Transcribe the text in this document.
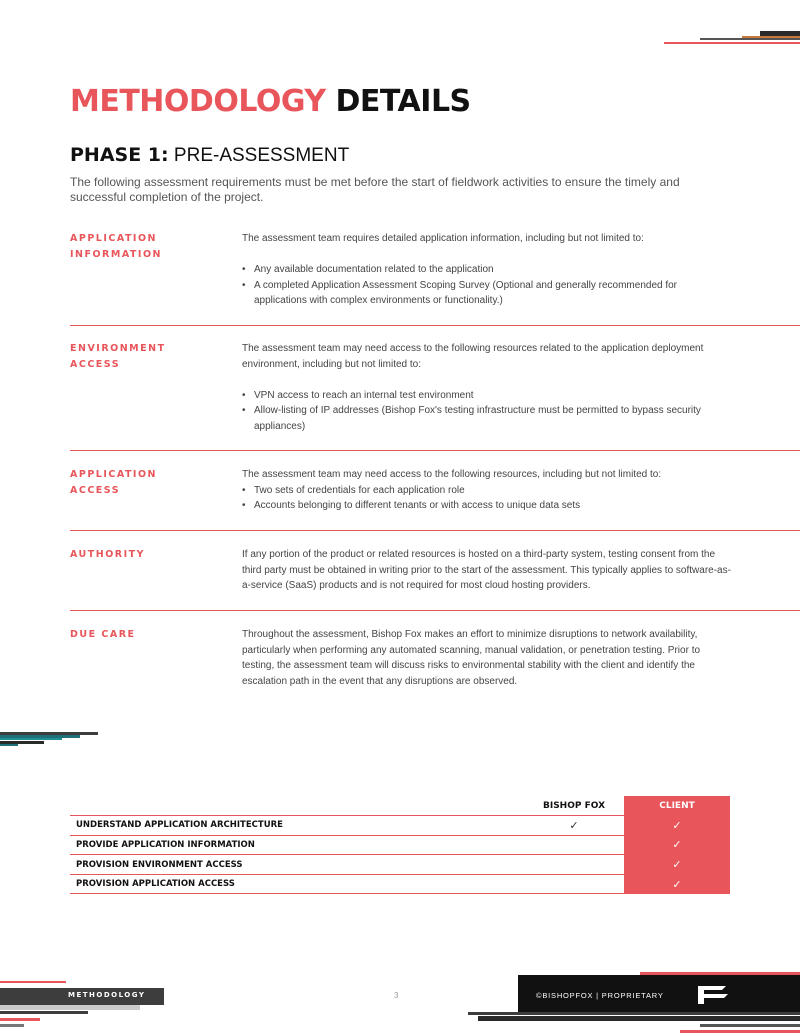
METHODOLOGY DETAILS
PHASE 1: PRE-ASSESSMENT

The following assessment requirements must be met before the start of fieldwork activities to ensure the timely and successful completion of the project.

APPLICATION
INFORMATION

The assessment team requires detailed application information, including but not limited to:

• Any available documentation related to the application
• A completed Application Assessment Scoping Survey (Optional and generally recommended for applications with complex environments or functionality.)
ENVIRONMENT
ACCESS

The assessment team may need access to the following resources related to the application deployment environment, including but not limited to:

• VPN access to reach an internal test environment
• Allow-listing of IP addresses (Bishop Fox's testing infrastructure must be permitted to bypass security appliances)
APPLICATION
ACCESS

The assessment team may need access to the following resources, including but not limited to:

• Two sets of credentials for each application role
• Accounts belonging to different tenants or with access to unique data sets
AUTHORITY	If any portion of the product or related resources is hosted on a third-party system, testing consent from the third party must be obtained in writing prior to the start of the assessment. This typically applies to software-as-a-service (SaaS) products and is not required for most cloud hosting providers.

DUE CARE	Throughout the assessment, Bishop Fox makes an effort to minimize disruptions to network availability, particularly when performing any automated scanning, manual validation, or penetration testing. Prior to testing, the assessment team will discuss risks to environmental stability with the client and identify the escalation path in the event that any disruptions are observed.

	BISHOP FOX	CLIENT
UNDERSTAND APPLICATION ARCHITECTURE	✓	✓
PROVIDE APPLICATION INFORMATION		✓
PROVISION ENVIRONMENT ACCESS		✓
PROVISION APPLICATION ACCESS		✓
METHODOLOGY	3	©BISHOPFOX | PROPRIETARY
